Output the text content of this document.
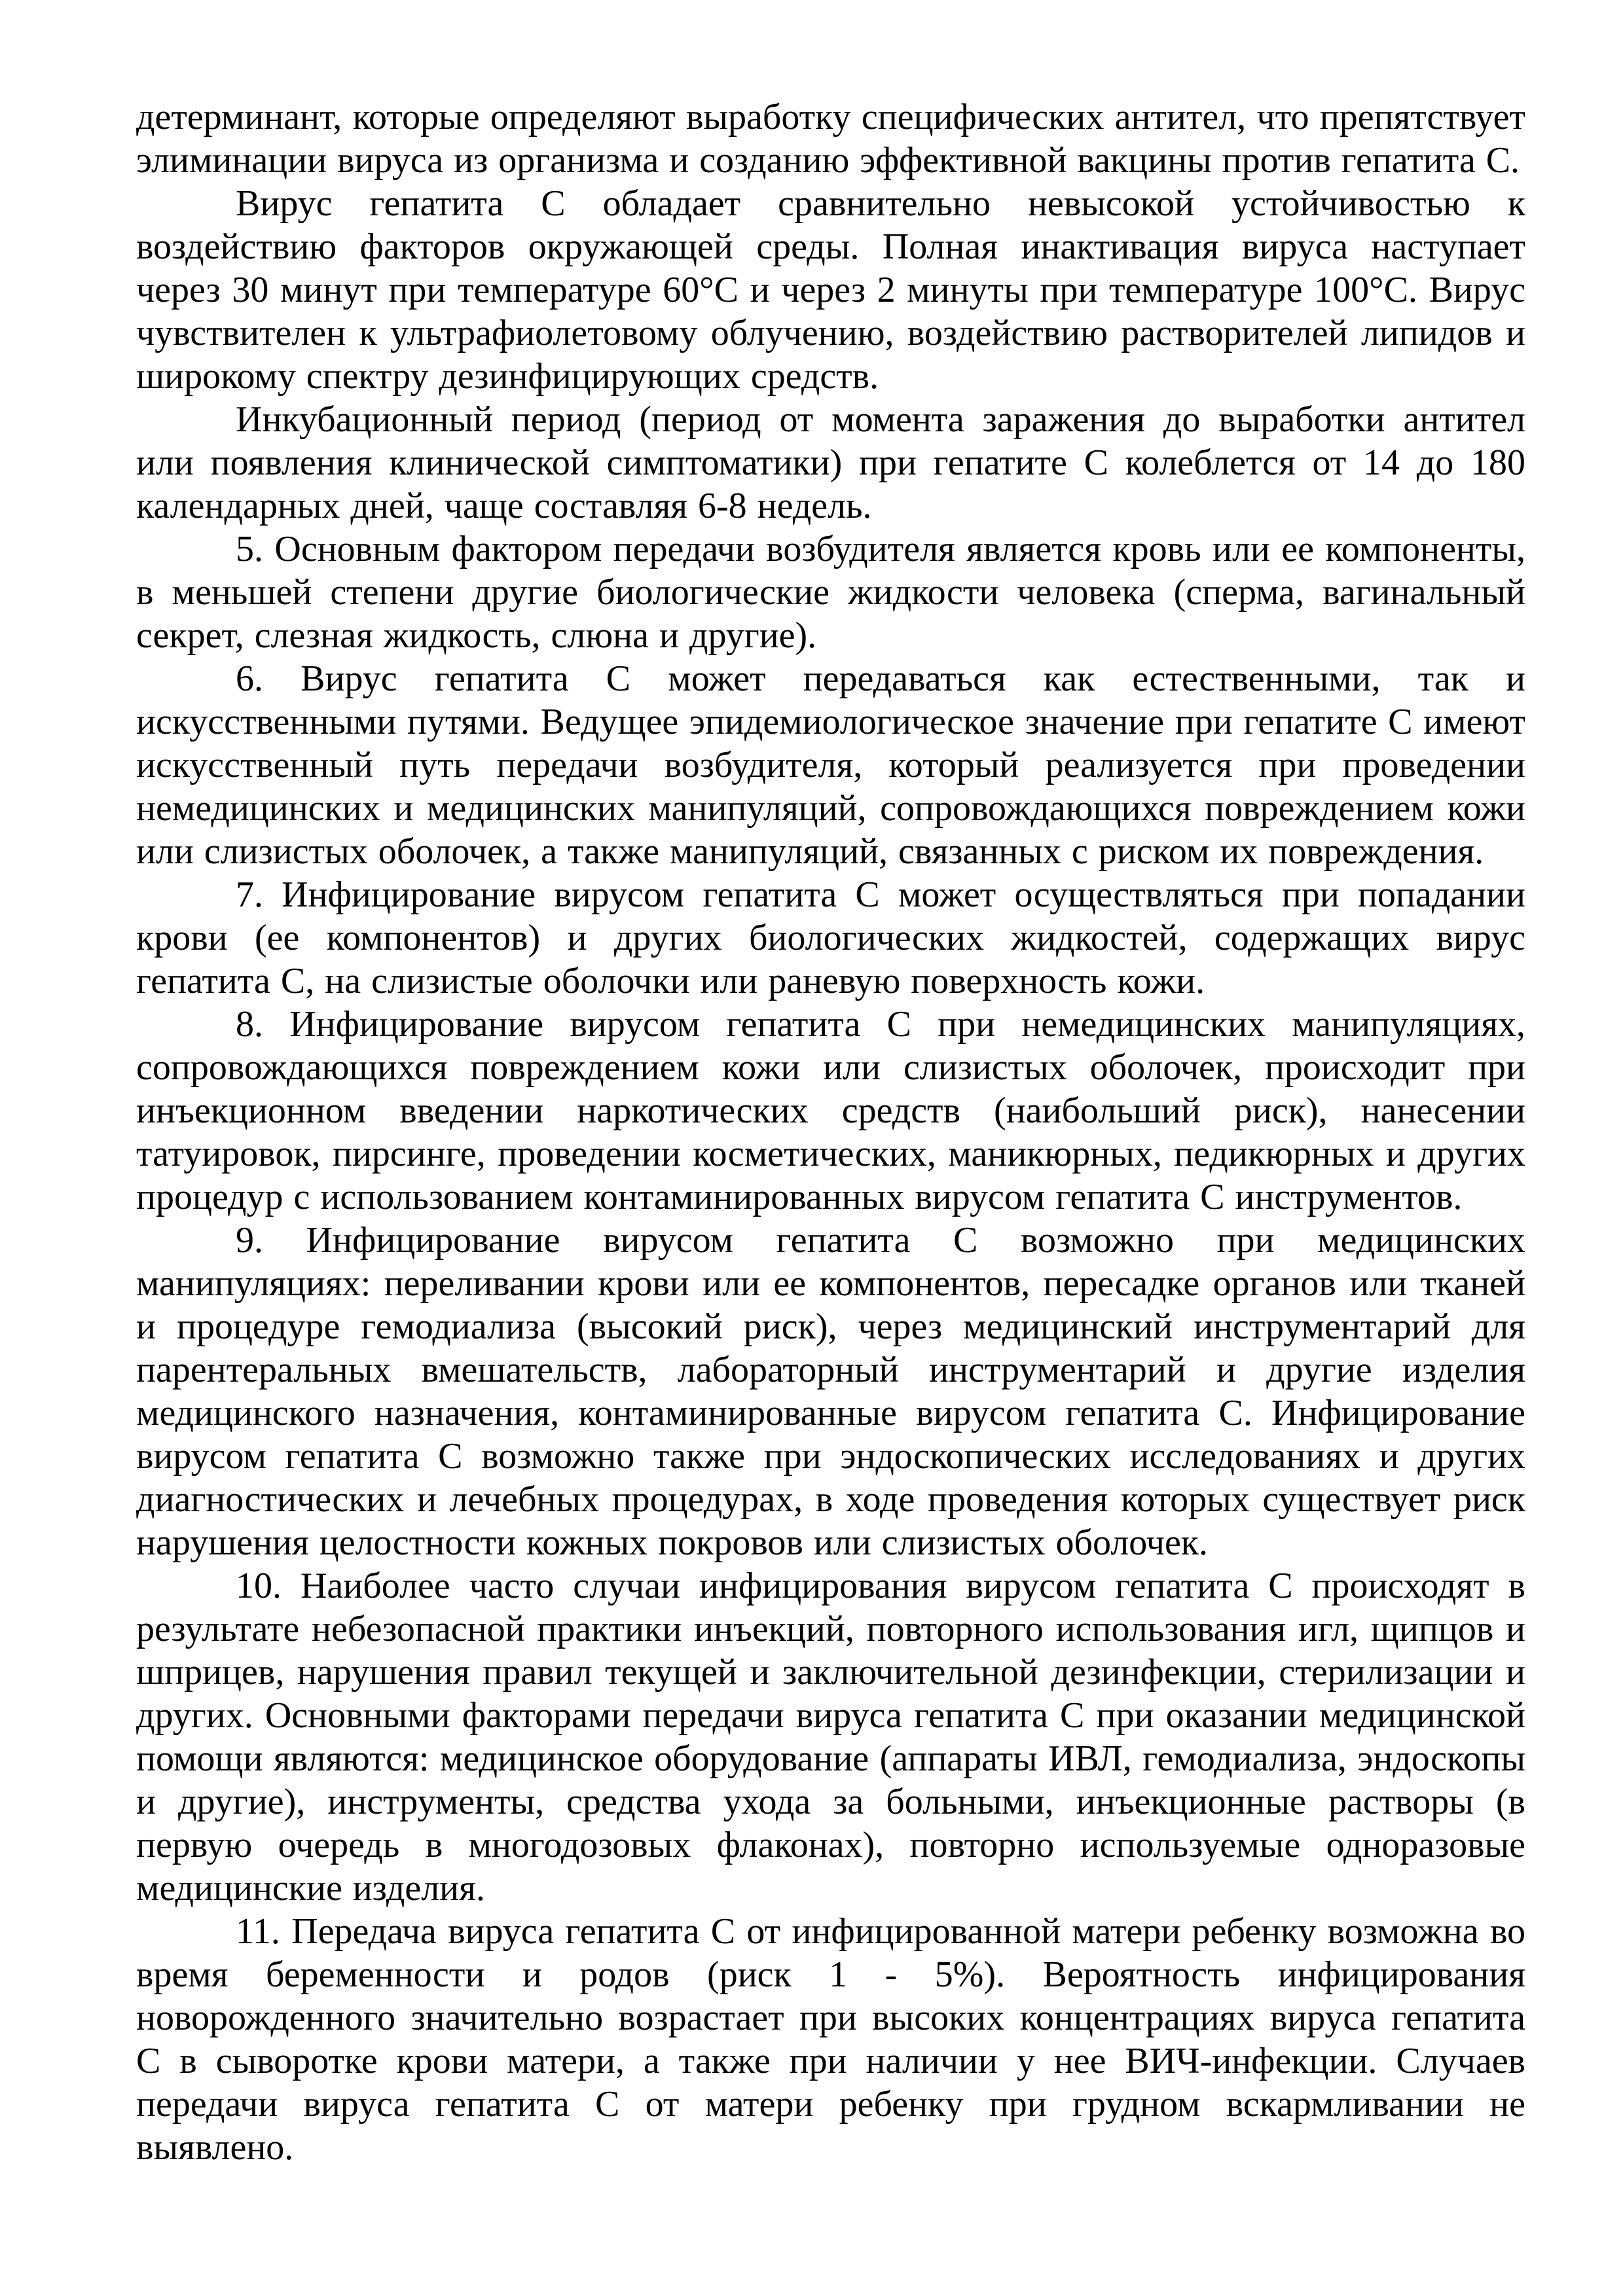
детерминант, которые определяют выработку специфических антител, что препятствует элиминации вируса из организма и созданию эффективной вакцины против гепатита С.

Вирус гепатита С обладает сравнительно невысокой устойчивостью к воздействию факторов окружающей среды. Полная инактивация вируса наступает через 30 минут при температуре 60°С и через 2 минуты при температуре 100°С. Вирус чувствителен к ультрафиолетовому облучению, воздействию растворителей липидов и широкому спектру дезинфицирующих средств.

Инкубационный период (период от момента заражения до выработки антител или появления клинической симптоматики) при гепатите С колеблется от 14 до 180 календарных дней, чаще составляя 6-8 недель.

5. Основным фактором передачи возбудителя является кровь или ее компоненты, в меньшей степени другие биологические жидкости человека (сперма, вагинальный секрет, слезная жидкость, слюна и другие).

6. Вирус гепатита С может передаваться как естественными, так и искусственными путями. Ведущее эпидемиологическое значение при гепатите С имеют искусственный путь передачи возбудителя, который реализуется при проведении немедицинских и медицинских манипуляций, сопровождающихся повреждением кожи или слизистых оболочек, а также манипуляций, связанных с риском их повреждения.

7. Инфицирование вирусом гепатита С может осуществляться при попадании крови (ее компонентов) и других биологических жидкостей, содержащих вирус гепатита С, на слизистые оболочки или раневую поверхность кожи.

8. Инфицирование вирусом гепатита С при немедицинских манипуляциях, сопровождающихся повреждением кожи или слизистых оболочек, происходит при инъекционном введении наркотических средств (наибольший риск), нанесении татуировок, пирсинге, проведении косметических, маникюрных, педикюрных и других процедур с использованием контаминированных вирусом гепатита С инструментов.

9. Инфицирование вирусом гепатита С возможно при медицинских манипуляциях: переливании крови или ее компонентов, пересадке органов или тканей и процедуре гемодиализа (высокий риск), через медицинский инструментарий для парентеральных вмешательств, лабораторный инструментарий и другие изделия медицинского назначения, контаминированные вирусом гепатита С. Инфицирование вирусом гепатита С возможно также при эндоскопических исследованиях и других диагностических и лечебных процедурах, в ходе проведения которых существует риск нарушения целостности кожных покровов или слизистых оболочек.

10. Наиболее часто случаи инфицирования вирусом гепатита С происходят в результате небезопасной практики инъекций, повторного использования игл, щипцов и шприцев, нарушения правил текущей и заключительной дезинфекции, стерилизации и других. Основными факторами передачи вируса гепатита С при оказании медицинской помощи являются: медицинское оборудование (аппараты ИВЛ, гемодиализа, эндоскопы и другие), инструменты, средства ухода за больными, инъекционные растворы (в первую очередь в многодозовых флаконах), повторно используемые одноразовые медицинские изделия.

11. Передача вируса гепатита С от инфицированной матери ребенку возможна во время беременности и родов (риск 1 - 5%). Вероятность инфицирования новорожденного значительно возрастает при высоких концентрациях вируса гепатита С в сыворотке крови матери, а также при наличии у нее ВИЧ-инфекции. Случаев передачи вируса гепатита С от матери ребенку при грудном вскармливании не выявлено.
